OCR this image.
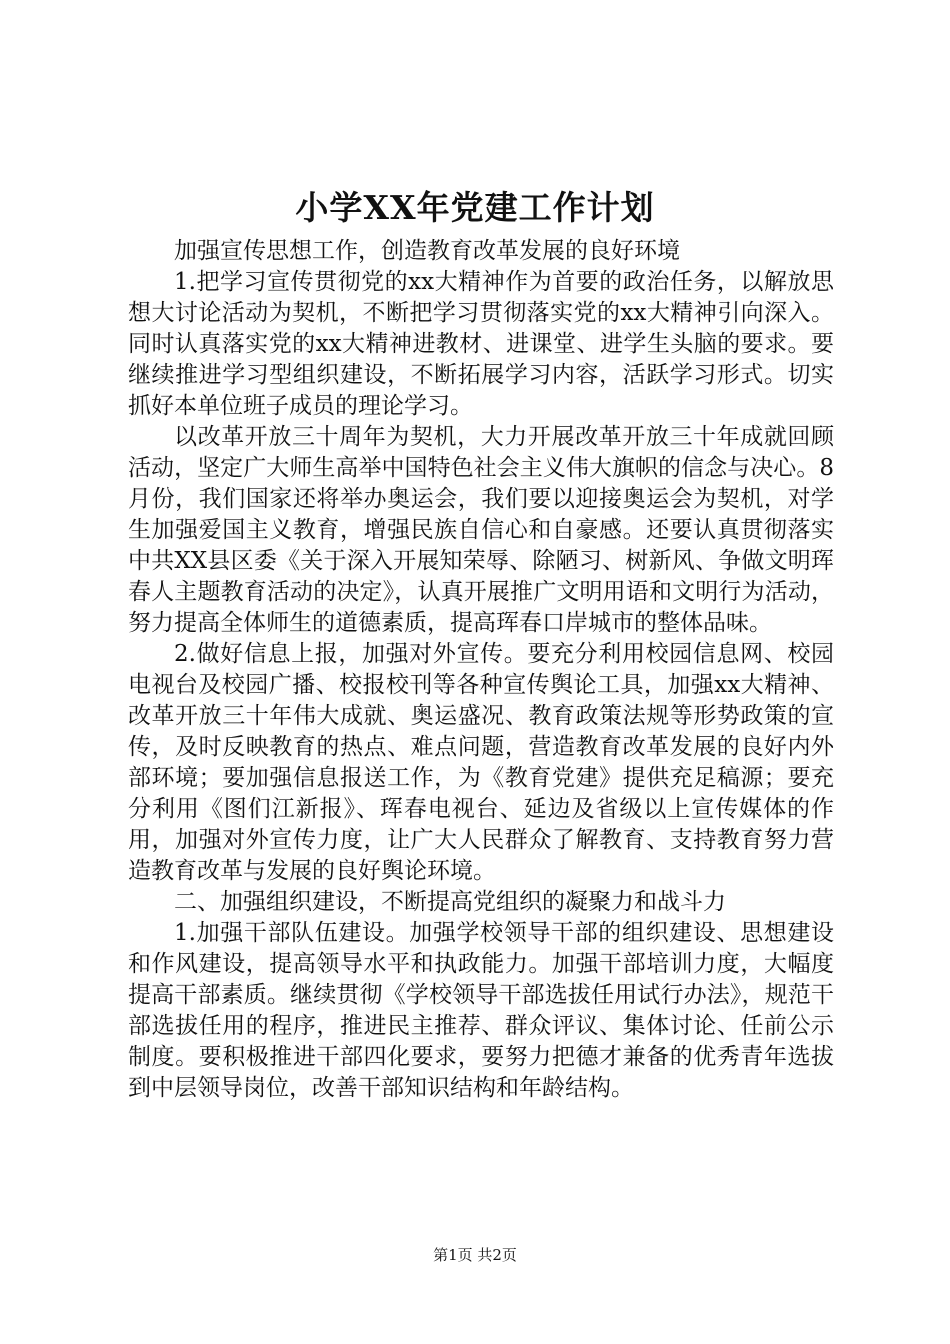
小学XX年党建工作计划

加强宣传思想工作，创造教育改革发展的良好环境

1.把学习宣传贯彻党的xx大精神作为首要的政治任务，以解放思想大讨论活动为契机，不断把学习贯彻落实党的xx大精神引向深入。同时认真落实党的xx大精神进教材、进课堂、进学生头脑的要求。要继续推进学习型组织建设，不断拓展学习内容，活跃学习形式。切实抓好本单位班子成员的理论学习。

以改革开放三十周年为契机，大力开展改革开放三十年成就回顾活动，坚定广大师生高举中国特色社会主义伟大旗帜的信念与决心。8月份，我们国家还将举办奥运会，我们要以迎接奥运会为契机，对学生加强爱国主义教育，增强民族自信心和自豪感。还要认真贯彻落实中共XX县区委《关于深入开展知荣辱、除陋习、树新风、争做文明珲春人主题教育活动的决定》，认真开展推广文明用语和文明行为活动，努力提高全体师生的道德素质，提高珲春口岸城市的整体品味。

2.做好信息上报，加强对外宣传。要充分利用校园信息网、校园电视台及校园广播、校报校刊等各种宣传舆论工具，加强xx大精神、改革开放三十年伟大成就、奥运盛况、教育政策法规等形势政策的宣传，及时反映教育的热点、难点问题，营造教育改革发展的良好内外部环境；要加强信息报送工作，为《教育党建》提供充足稿源；要充分利用《图们江新报》、珲春电视台、延边及省级以上宣传媒体的作用，加强对外宣传力度，让广大人民群众了解教育、支持教育努力营造教育改革与发展的良好舆论环境。

二、加强组织建设，不断提高党组织的凝聚力和战斗力

1.加强干部队伍建设。加强学校领导干部的组织建设、思想建设和作风建设，提高领导水平和执政能力。加强干部培训力度，大幅度提高干部素质。继续贯彻《学校领导干部选拔任用试行办法》，规范干部选拔任用的程序，推进民主推荐、群众评议、集体讨论、任前公示制度。要积极推进干部四化要求，要努力把德才兼备的优秀青年选拔到中层领导岗位，改善干部知识结构和年龄结构。

第1页 共2页
